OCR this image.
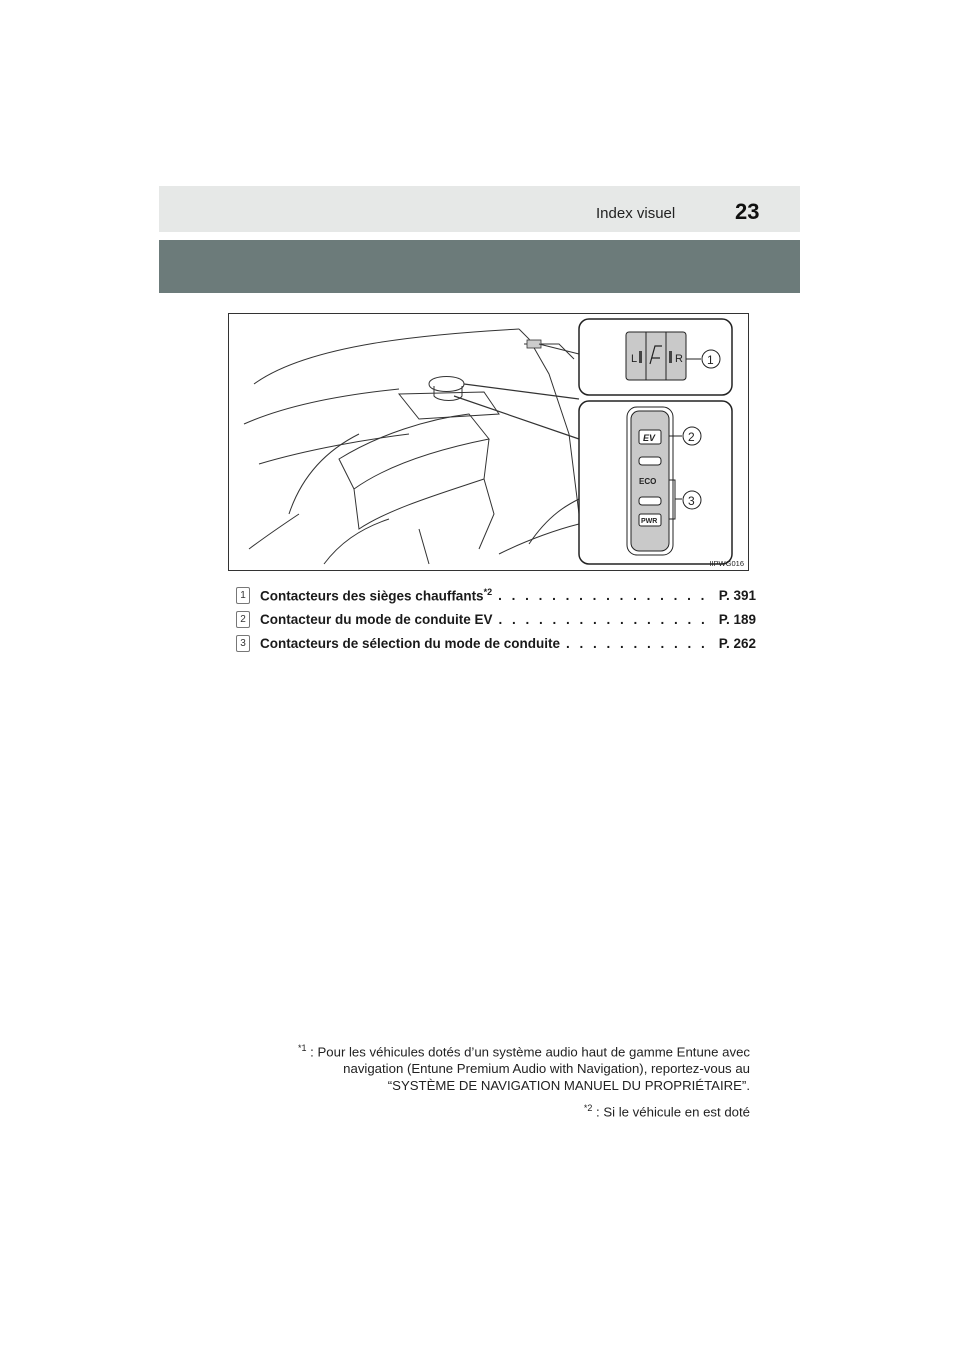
Index visuel	23
L	R 1
EV
ECO
PWR
2
3
IIPWG016
1	Contacteurs des sièges chauffants$^{*2}$ . . .	P. 391
2	Contacteur du mode de conduite EV . . .	P. 189
3	Contacteurs de sélection du mode de conduite . . .	P. 262
$^{*1}$ : Pour les véhicules dotés d’un système audio haut de gamme Entune avec
navigation (Entune Premium Audio with Navigation), reportez-vous au
“SYSTÈME DE NAVIGATION MANUEL DU PROPRIÉTAIRE”.
$^{*2}$ : Si le véhicule en est doté
